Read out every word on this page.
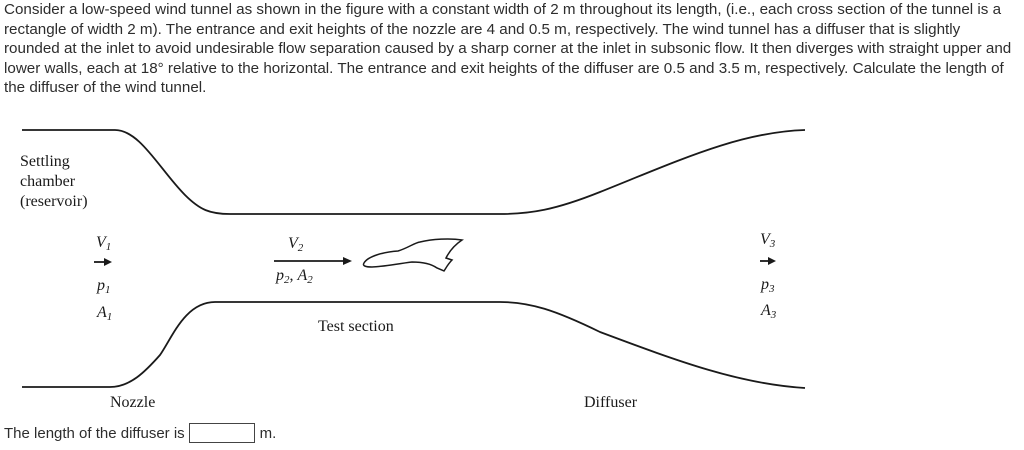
Consider a low-speed wind tunnel as shown in the figure with a constant width of 2 m throughout its length, (i.e., each cross section of the tunnel is a rectangle of width 2 m). The entrance and exit heights of the nozzle are 4 and 0.5 m, respectively. The wind tunnel has a diffuser that is slightly rounded at the inlet to avoid undesirable flow separation caused by a sharp corner at the inlet in subsonic flow. It then diverges with straight upper and lower walls, each at 18° relative to the horizontal. The entrance and exit heights of the diffuser are 0.5 and 3.5 m, respectively. Calculate the length of the diffuser of the wind tunnel.
Settling
chamber
(reservoir)
V1
p1
A1
V2
p2, A2
V3
p3
A3
Test section
Nozzle	Diffuser
The length of the diffuser is	m.
